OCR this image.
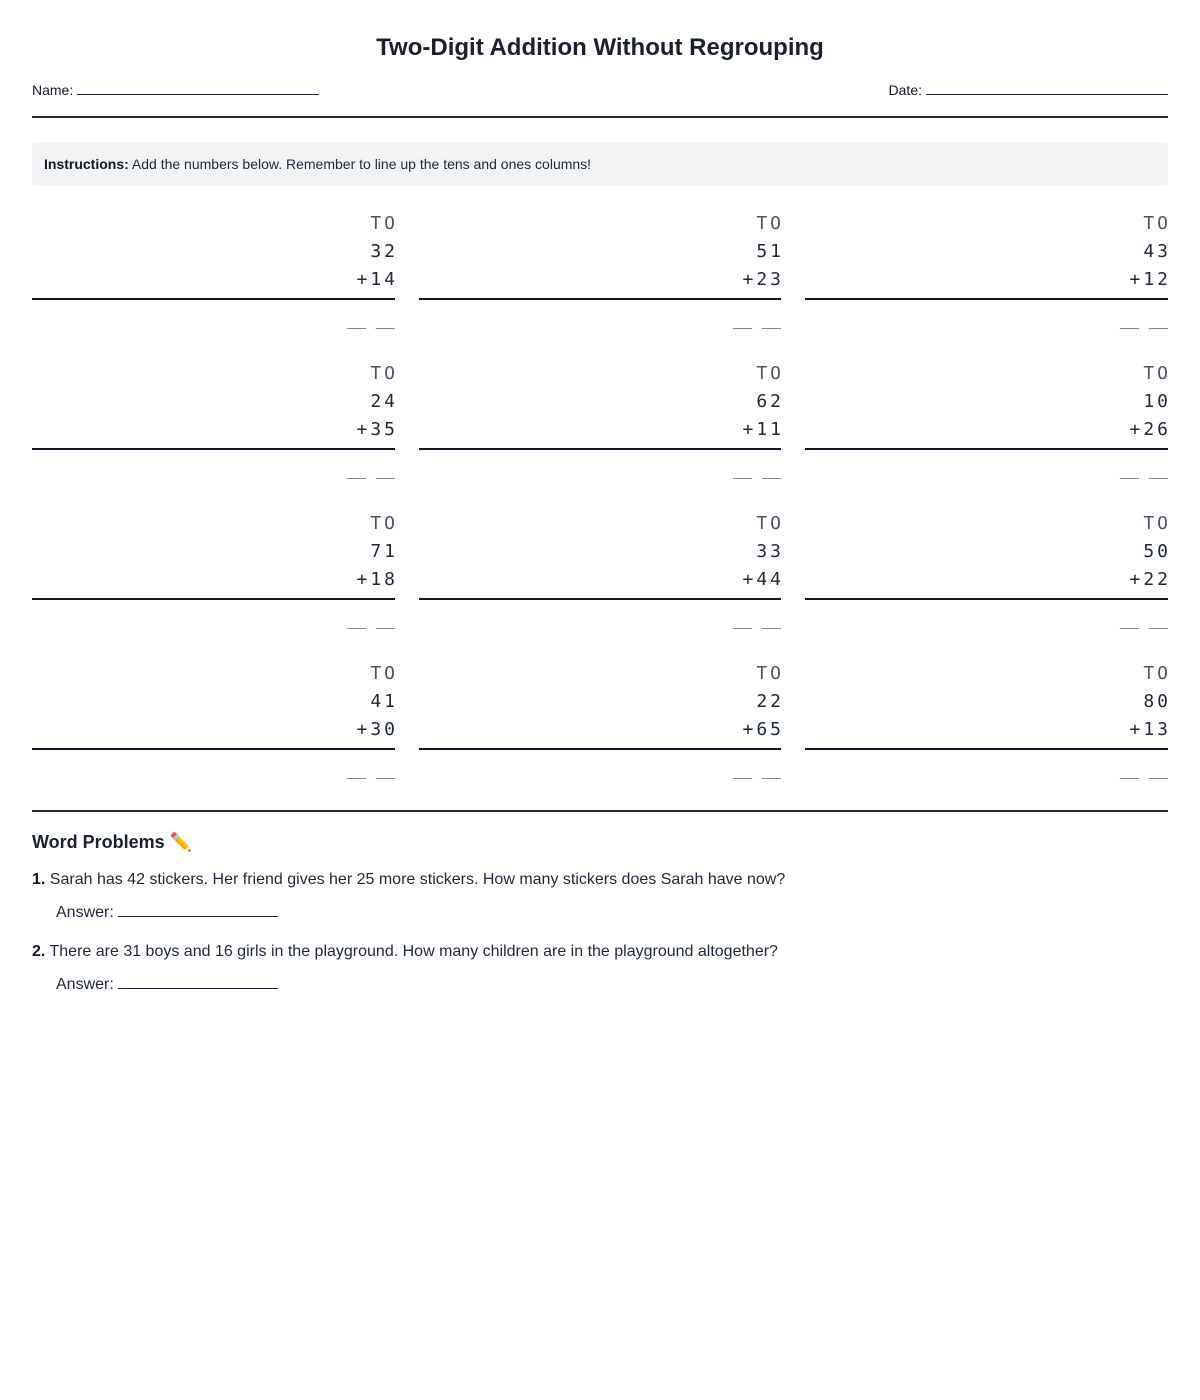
Two-Digit Addition Without Regrouping
Name:	Date:
Instructions: Add the numbers below. Remember to line up the tens and ones columns!
TO
32
+14
__ __
TO
51
+23
__ __
TO
43
+12
__ __
TO
24
+35
__ __
TO
62
+11
__ __
TO
10
+26
__ __
TO
71
+18
__ __
TO
33
+44
__ __
TO
50
+22
__ __
TO
41
+30
__ __
TO
22
+65
__ __
TO
80
+13
__ __
Word Problems ✏️
1. Sarah has 42 stickers. Her friend gives her 25 more stickers. How many stickers does Sarah have now?
Answer:
2. There are 31 boys and 16 girls in the playground. How many children are in the playground altogether?
Answer:
